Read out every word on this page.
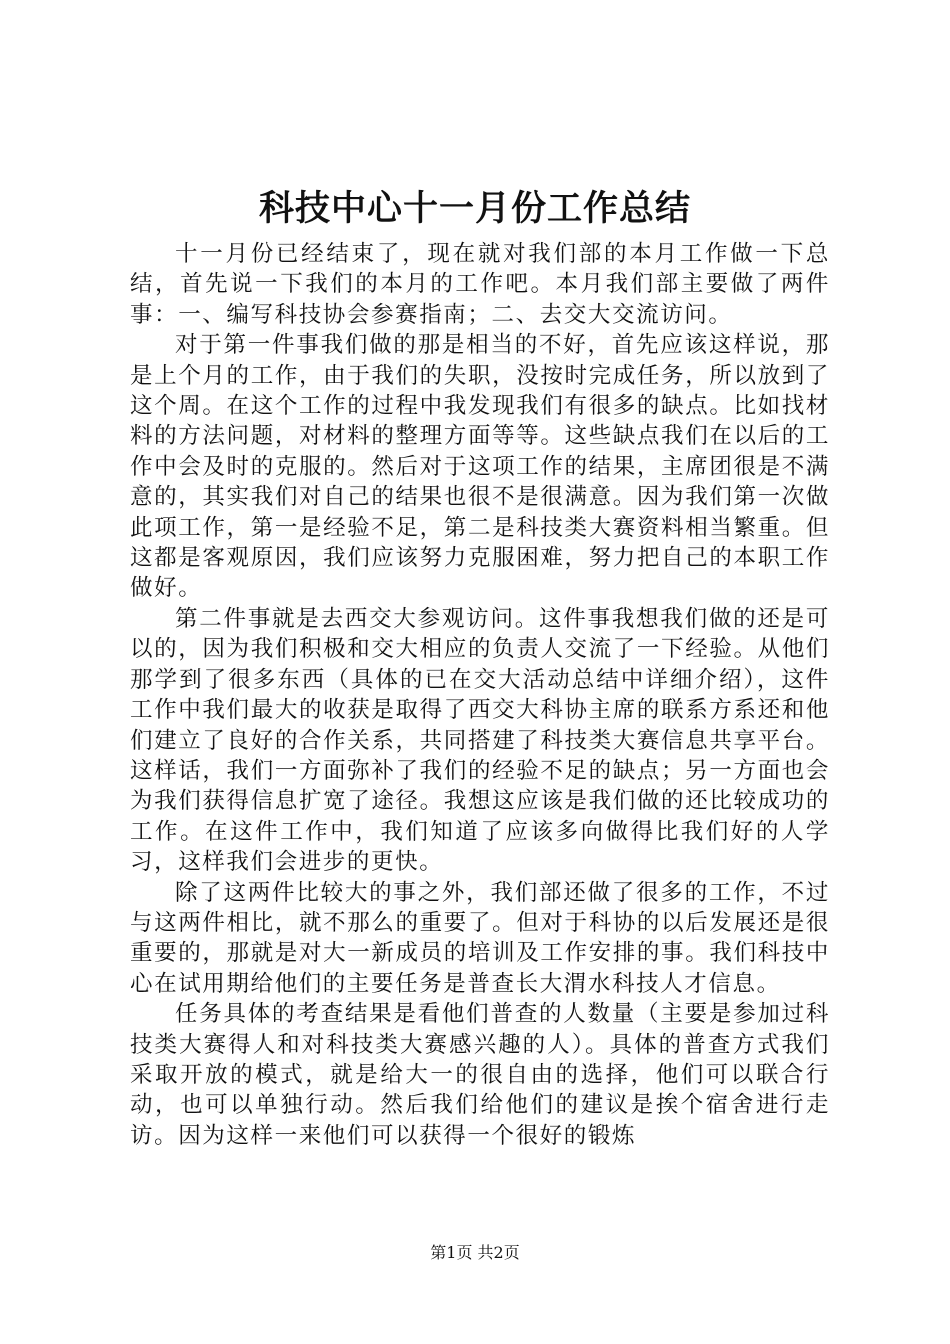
科技中心十一月份工作总结

十一月份已经结束了，现在就对我们部的本月工作做一下总结，首先说一下我们的本月的工作吧。本月我们部主要做了两件事：一、编写科技协会参赛指南；二、去交大交流访问。

对于第一件事我们做的那是相当的不好，首先应该这样说，那是上个月的工作，由于我们的失职，没按时完成任务，所以放到了这个周。在这个工作的过程中我发现我们有很多的缺点。比如找材料的方法问题，对材料的整理方面等等。这些缺点我们在以后的工作中会及时的克服的。然后对于这项工作的结果，主席团很是不满意的，其实我们对自己的结果也很不是很满意。因为我们第一次做此项工作，第一是经验不足，第二是科技类大赛资料相当繁重。但这都是客观原因，我们应该努力克服困难，努力把自己的本职工作做好。

第二件事就是去西交大参观访问。这件事我想我们做的还是可以的，因为我们积极和交大相应的负责人交流了一下经验。从他们那学到了很多东西（具体的已在交大活动总结中详细介绍），这件工作中我们最大的收获是取得了西交大科协主席的联系方系还和他们建立了良好的合作关系，共同搭建了科技类大赛信息共享平台。这样话，我们一方面弥补了我们的经验不足的缺点；另一方面也会为我们获得信息扩宽了途径。我想这应该是我们做的还比较成功的工作。在这件工作中，我们知道了应该多向做得比我们好的人学习，这样我们会进步的更快。

除了这两件比较大的事之外，我们部还做了很多的工作，不过与这两件相比，就不那么的重要了。但对于科协的以后发展还是很重要的，那就是对大一新成员的培训及工作安排的事。我们科技中心在试用期给他们的主要任务是普查长大渭水科技人才信息。

任务具体的考查结果是看他们普查的人数量（主要是参加过科技类大赛得人和对科技类大赛感兴趣的人）。具体的普查方式我们采取开放的模式，就是给大一的很自由的选择，他们可以联合行动，也可以单独行动。然后我们给他们的建议是挨个宿舍进行走访。因为这样一来他们可以获得一个很好的锻炼

第1页 共2页
